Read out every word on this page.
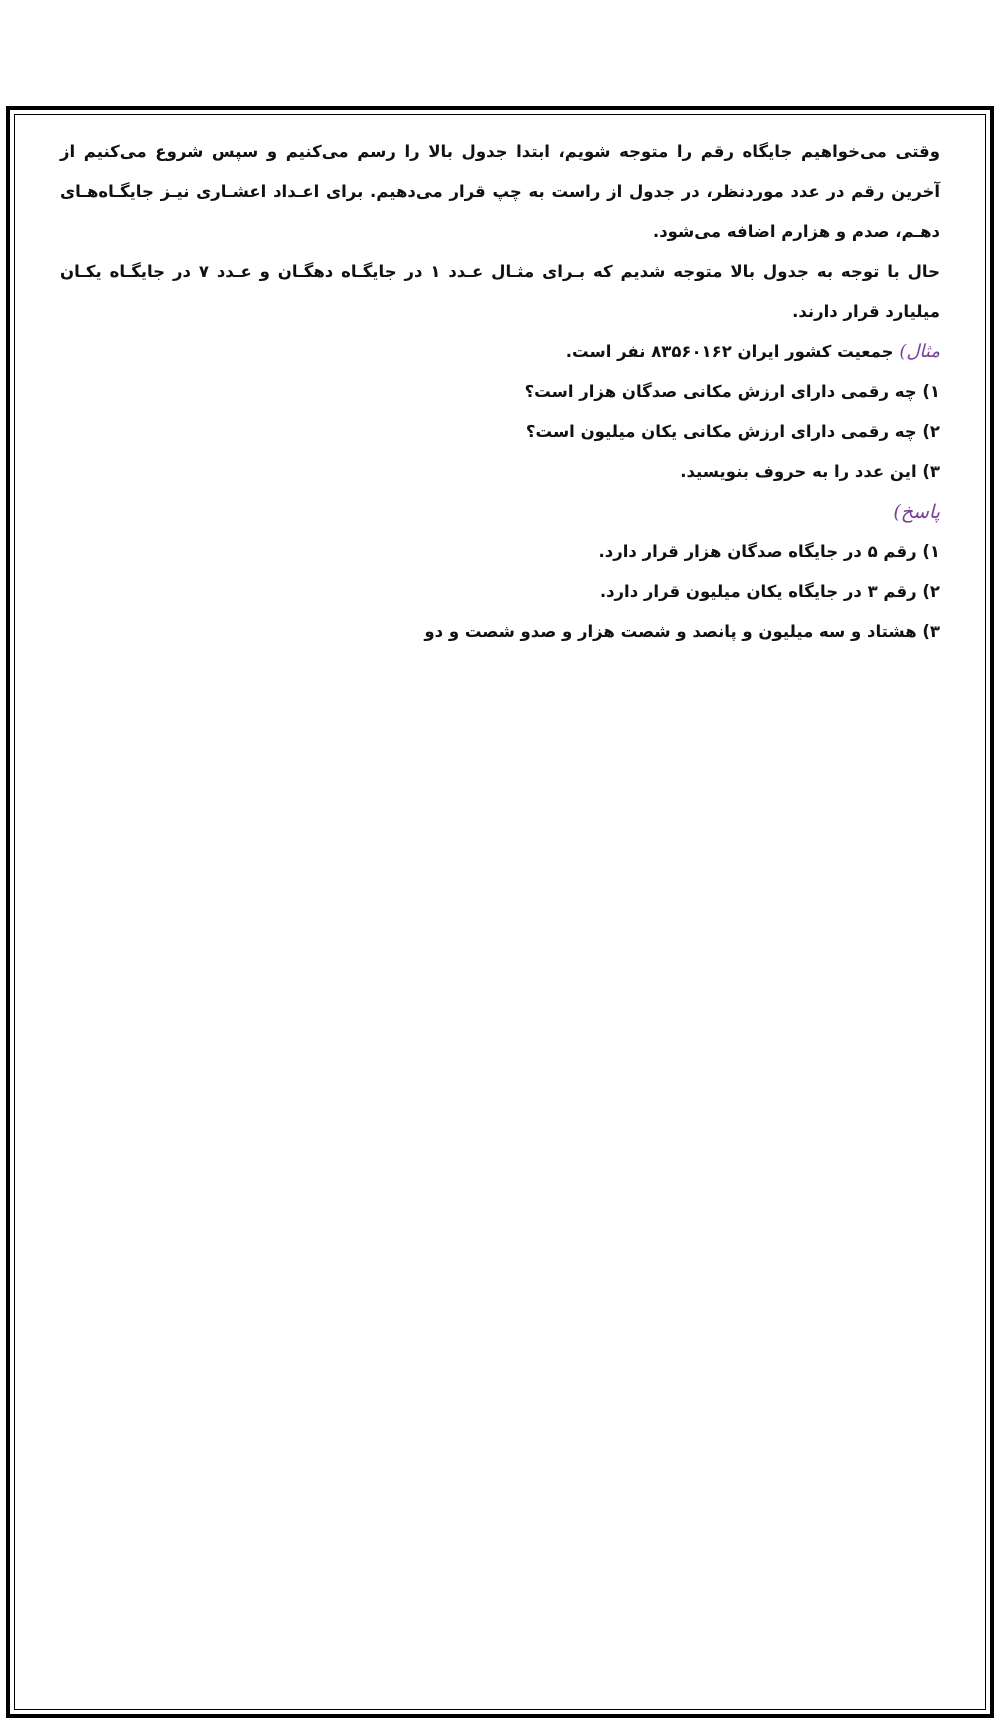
وقتی می‌خواهیم جایگاه رقم را متوجه شویم، ابتدا جدول بالا را رسم می‌کنیم و سپس شروع می‌کنیم از آخرین رقم در عدد موردنظر، در جدول از راست به چپ قرار می‌دهیم. برای اعـداد اعشـاری نیـز جایگـاه‌هـای دهـم، صدم و هزارم اضافه می‌شود.

حال با توجه به جدول بالا متوجه شدیم که بـرای مثـال عـدد ۱ در جایگـاه دهگـان و عـدد ۷ در جایگـاه یکـان میلیارد قرار دارند.

مثال) جمعیت کشور ایران ۸۳۵۶۰۱۶۲ نفر است.

۱) چه رقمی دارای ارزش مکانی صدگان هزار است؟

۲) چه رقمی دارای ارزش مکانی یکان میلیون است؟

۳) این عدد را به حروف بنویسید.

پاسخ)

۱) رقم ۵ در جایگاه صدگان هزار قرار دارد.

۲) رقم ۳ در جایگاه یکان میلیون قرار دارد.

۳) هشتاد و سه میلیون و پانصد و شصت هزار و صدو شصت و دو
